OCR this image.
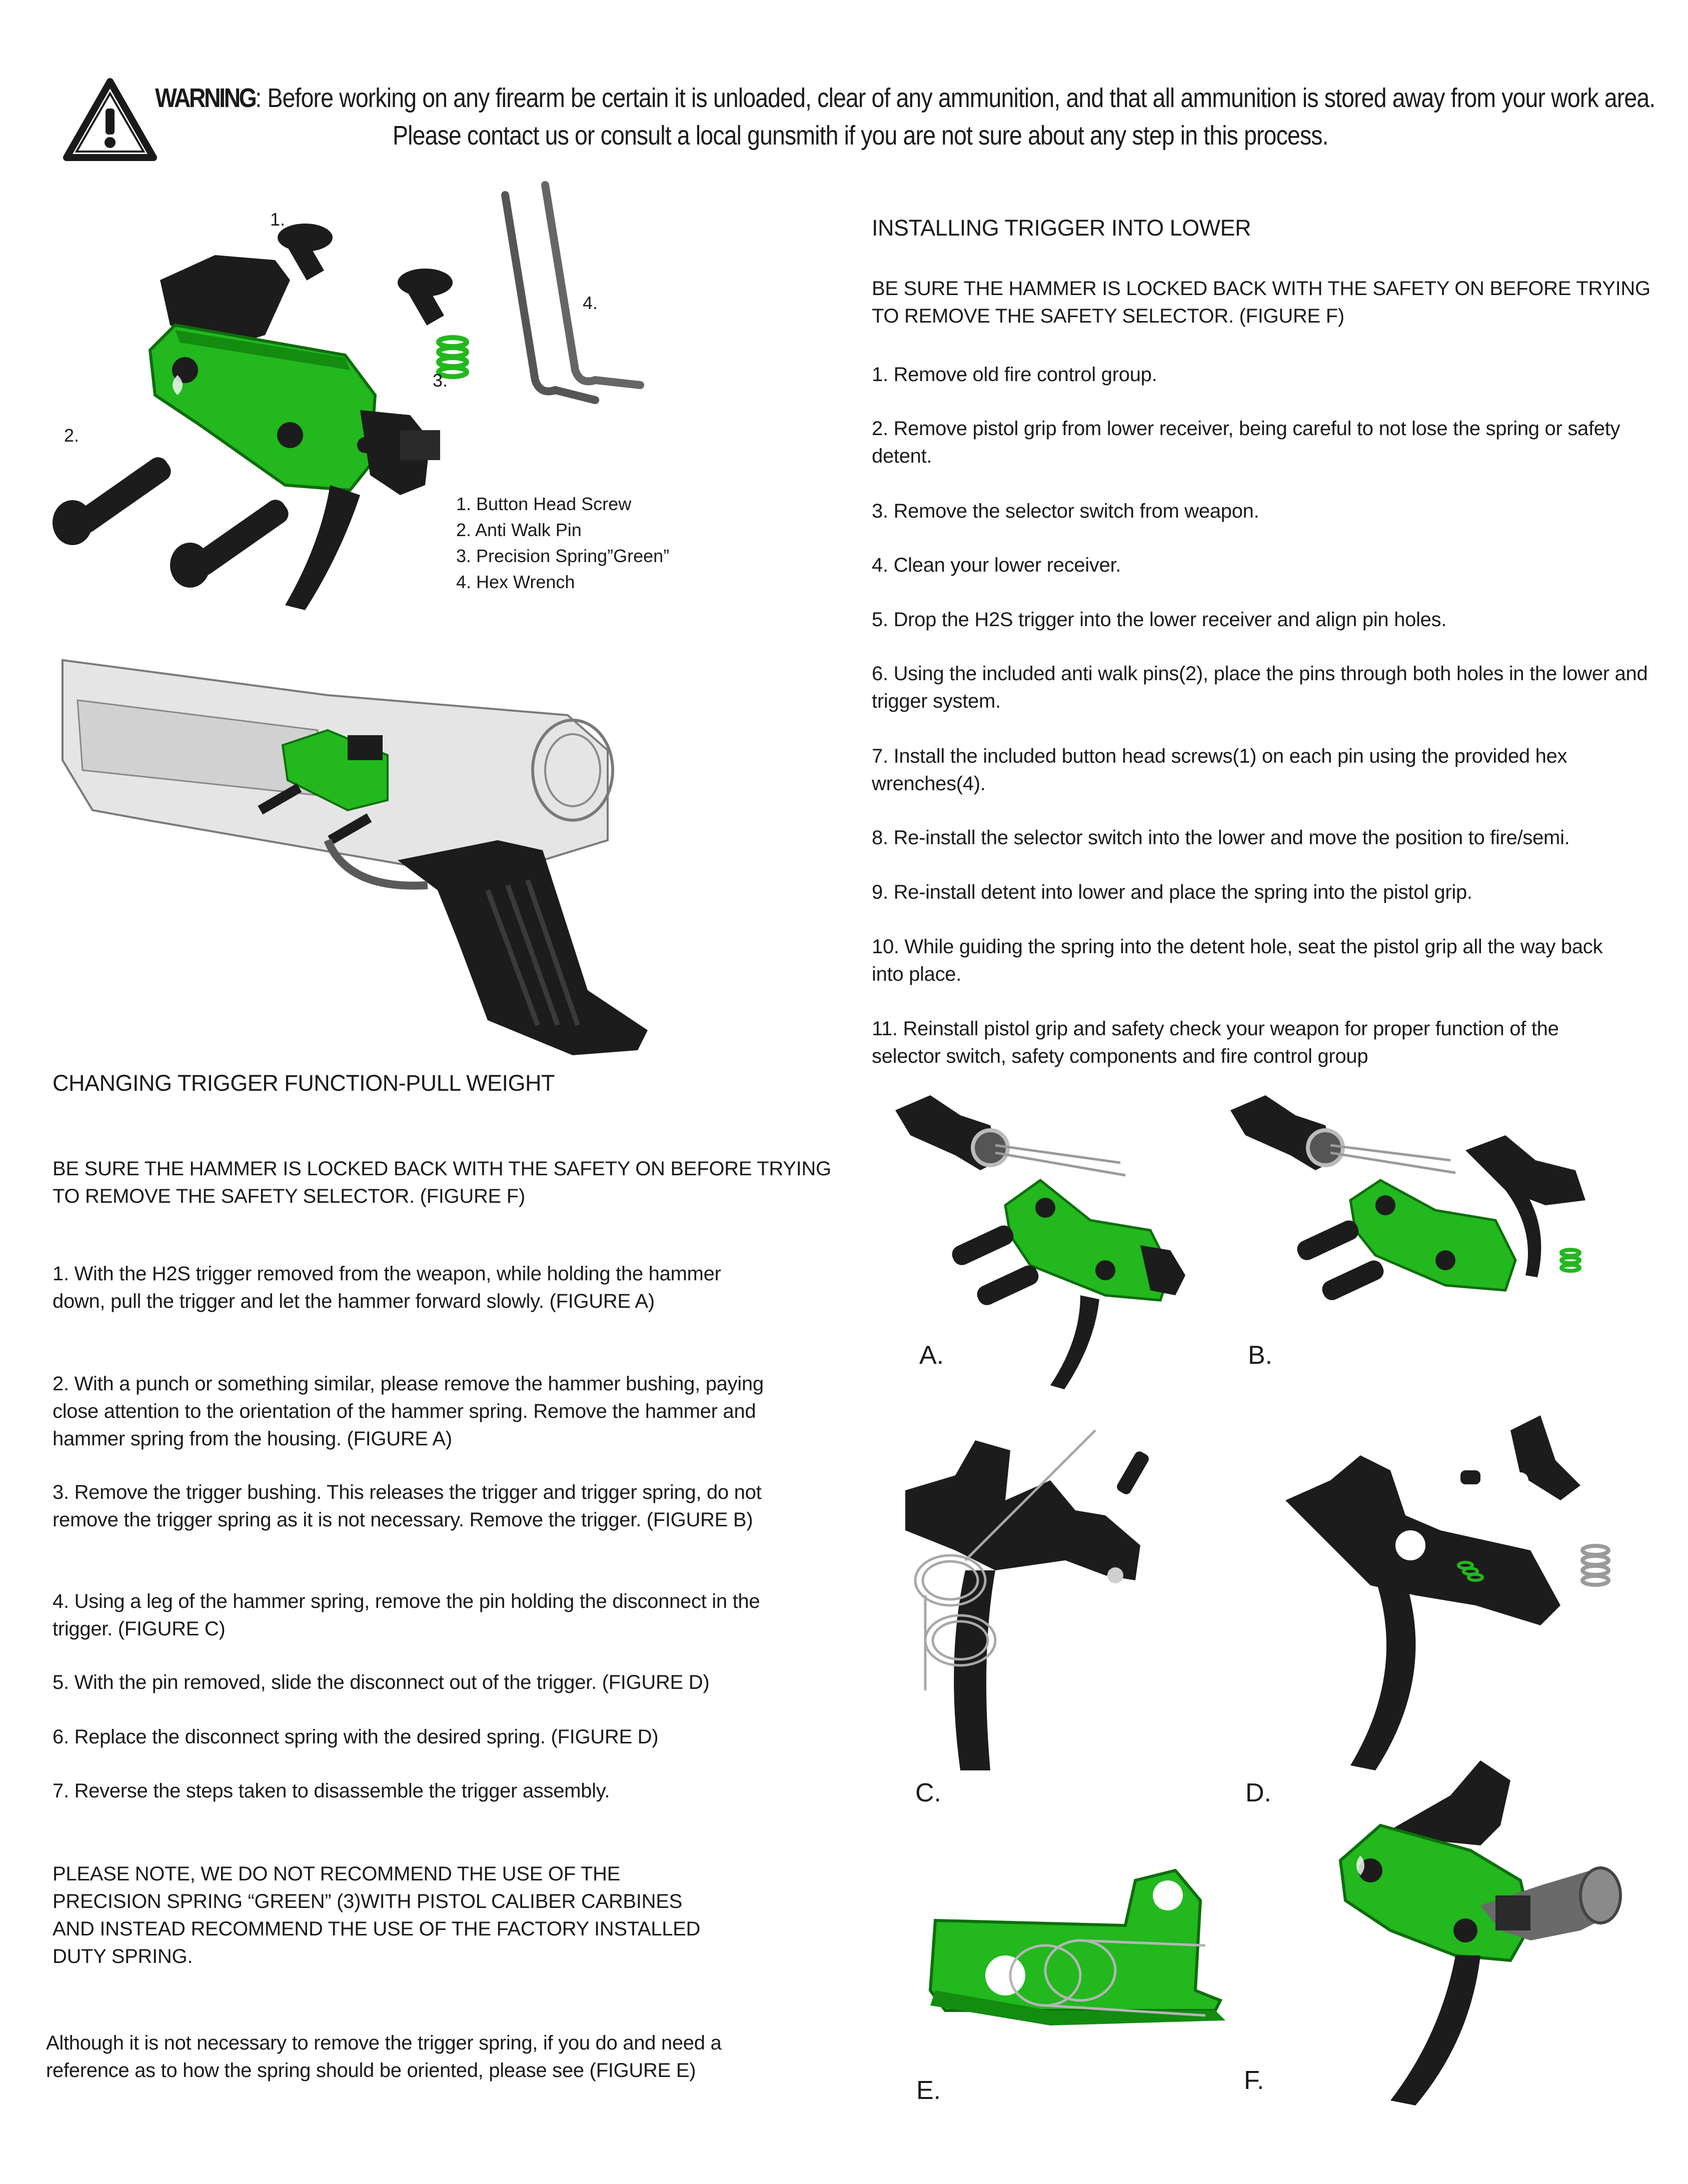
WARNING: Before working on any firearm be certain it is unloaded, clear of any ammunition, and that all ammunition is stored away from your work area.
Please contact us or consult a local gunsmith if you are not sure about any step in this process.
1.
2.
3.
4.
1. Button Head Screw
2. Anti Walk Pin
3. Precision Spring”Green”
4. Hex Wrench
INSTALLING TRIGGER INTO LOWER

BE SURE THE HAMMER IS LOCKED BACK WITH THE SAFETY ON BEFORE TRYING TO REMOVE THE SAFETY SELECTOR. (FIGURE F)

1. Remove old fire control group.

2. Remove pistol grip from lower receiver, being careful to not lose the spring or safety detent.

3. Remove the selector switch from weapon.

4. Clean your lower receiver.

5. Drop the H2S trigger into the lower receiver and align pin holes.

6. Using the included anti walk pins(2), place the pins through both holes in the lower and trigger system.

7. Install the included button head screws(1) on each pin using the provided hex wrenches(4).

8. Re-install the selector switch into the lower and move the position to fire/semi.

9. Re-install detent into lower and place the spring into the pistol grip.

10. While guiding the spring into the detent hole, seat the pistol grip all the way back into place.

11. Reinstall pistol grip and safety check your weapon for proper function of the selector switch, safety components and fire control group

CHANGING TRIGGER FUNCTION-PULL WEIGHT

BE SURE THE HAMMER IS LOCKED BACK WITH THE SAFETY ON BEFORE TRYING TO REMOVE THE SAFETY SELECTOR. (FIGURE F)

1. With the H2S trigger removed from the weapon, while holding the hammer down, pull the trigger and let the hammer forward slowly. (FIGURE A)

2. With a punch or something similar, please remove the hammer bushing, paying close attention to the orientation of the hammer spring. Remove the hammer and hammer spring from the housing. (FIGURE A)

3. Remove the trigger bushing. This releases the trigger and trigger spring, do not remove the trigger spring as it is not necessary. Remove the trigger. (FIGURE B)

4. Using a leg of the hammer spring, remove the pin holding the disconnect in the trigger. (FIGURE C)

5. With the pin removed, slide the disconnect out of the trigger. (FIGURE D)

6. Replace the disconnect spring with the desired spring. (FIGURE D)

7. Reverse the steps taken to disassemble the trigger assembly.

PLEASE NOTE, WE DO NOT RECOMMEND THE USE OF THE PRECISION SPRING “GREEN” (3)WITH PISTOL CALIBER CARBINES AND INSTEAD RECOMMEND THE USE OF THE FACTORY INSTALLED DUTY SPRING.

Although it is not necessary to remove the trigger spring, if you do and need a reference as to how the spring should be oriented, please see (FIGURE E)

A.	B.
C.	D.
E.	F.
